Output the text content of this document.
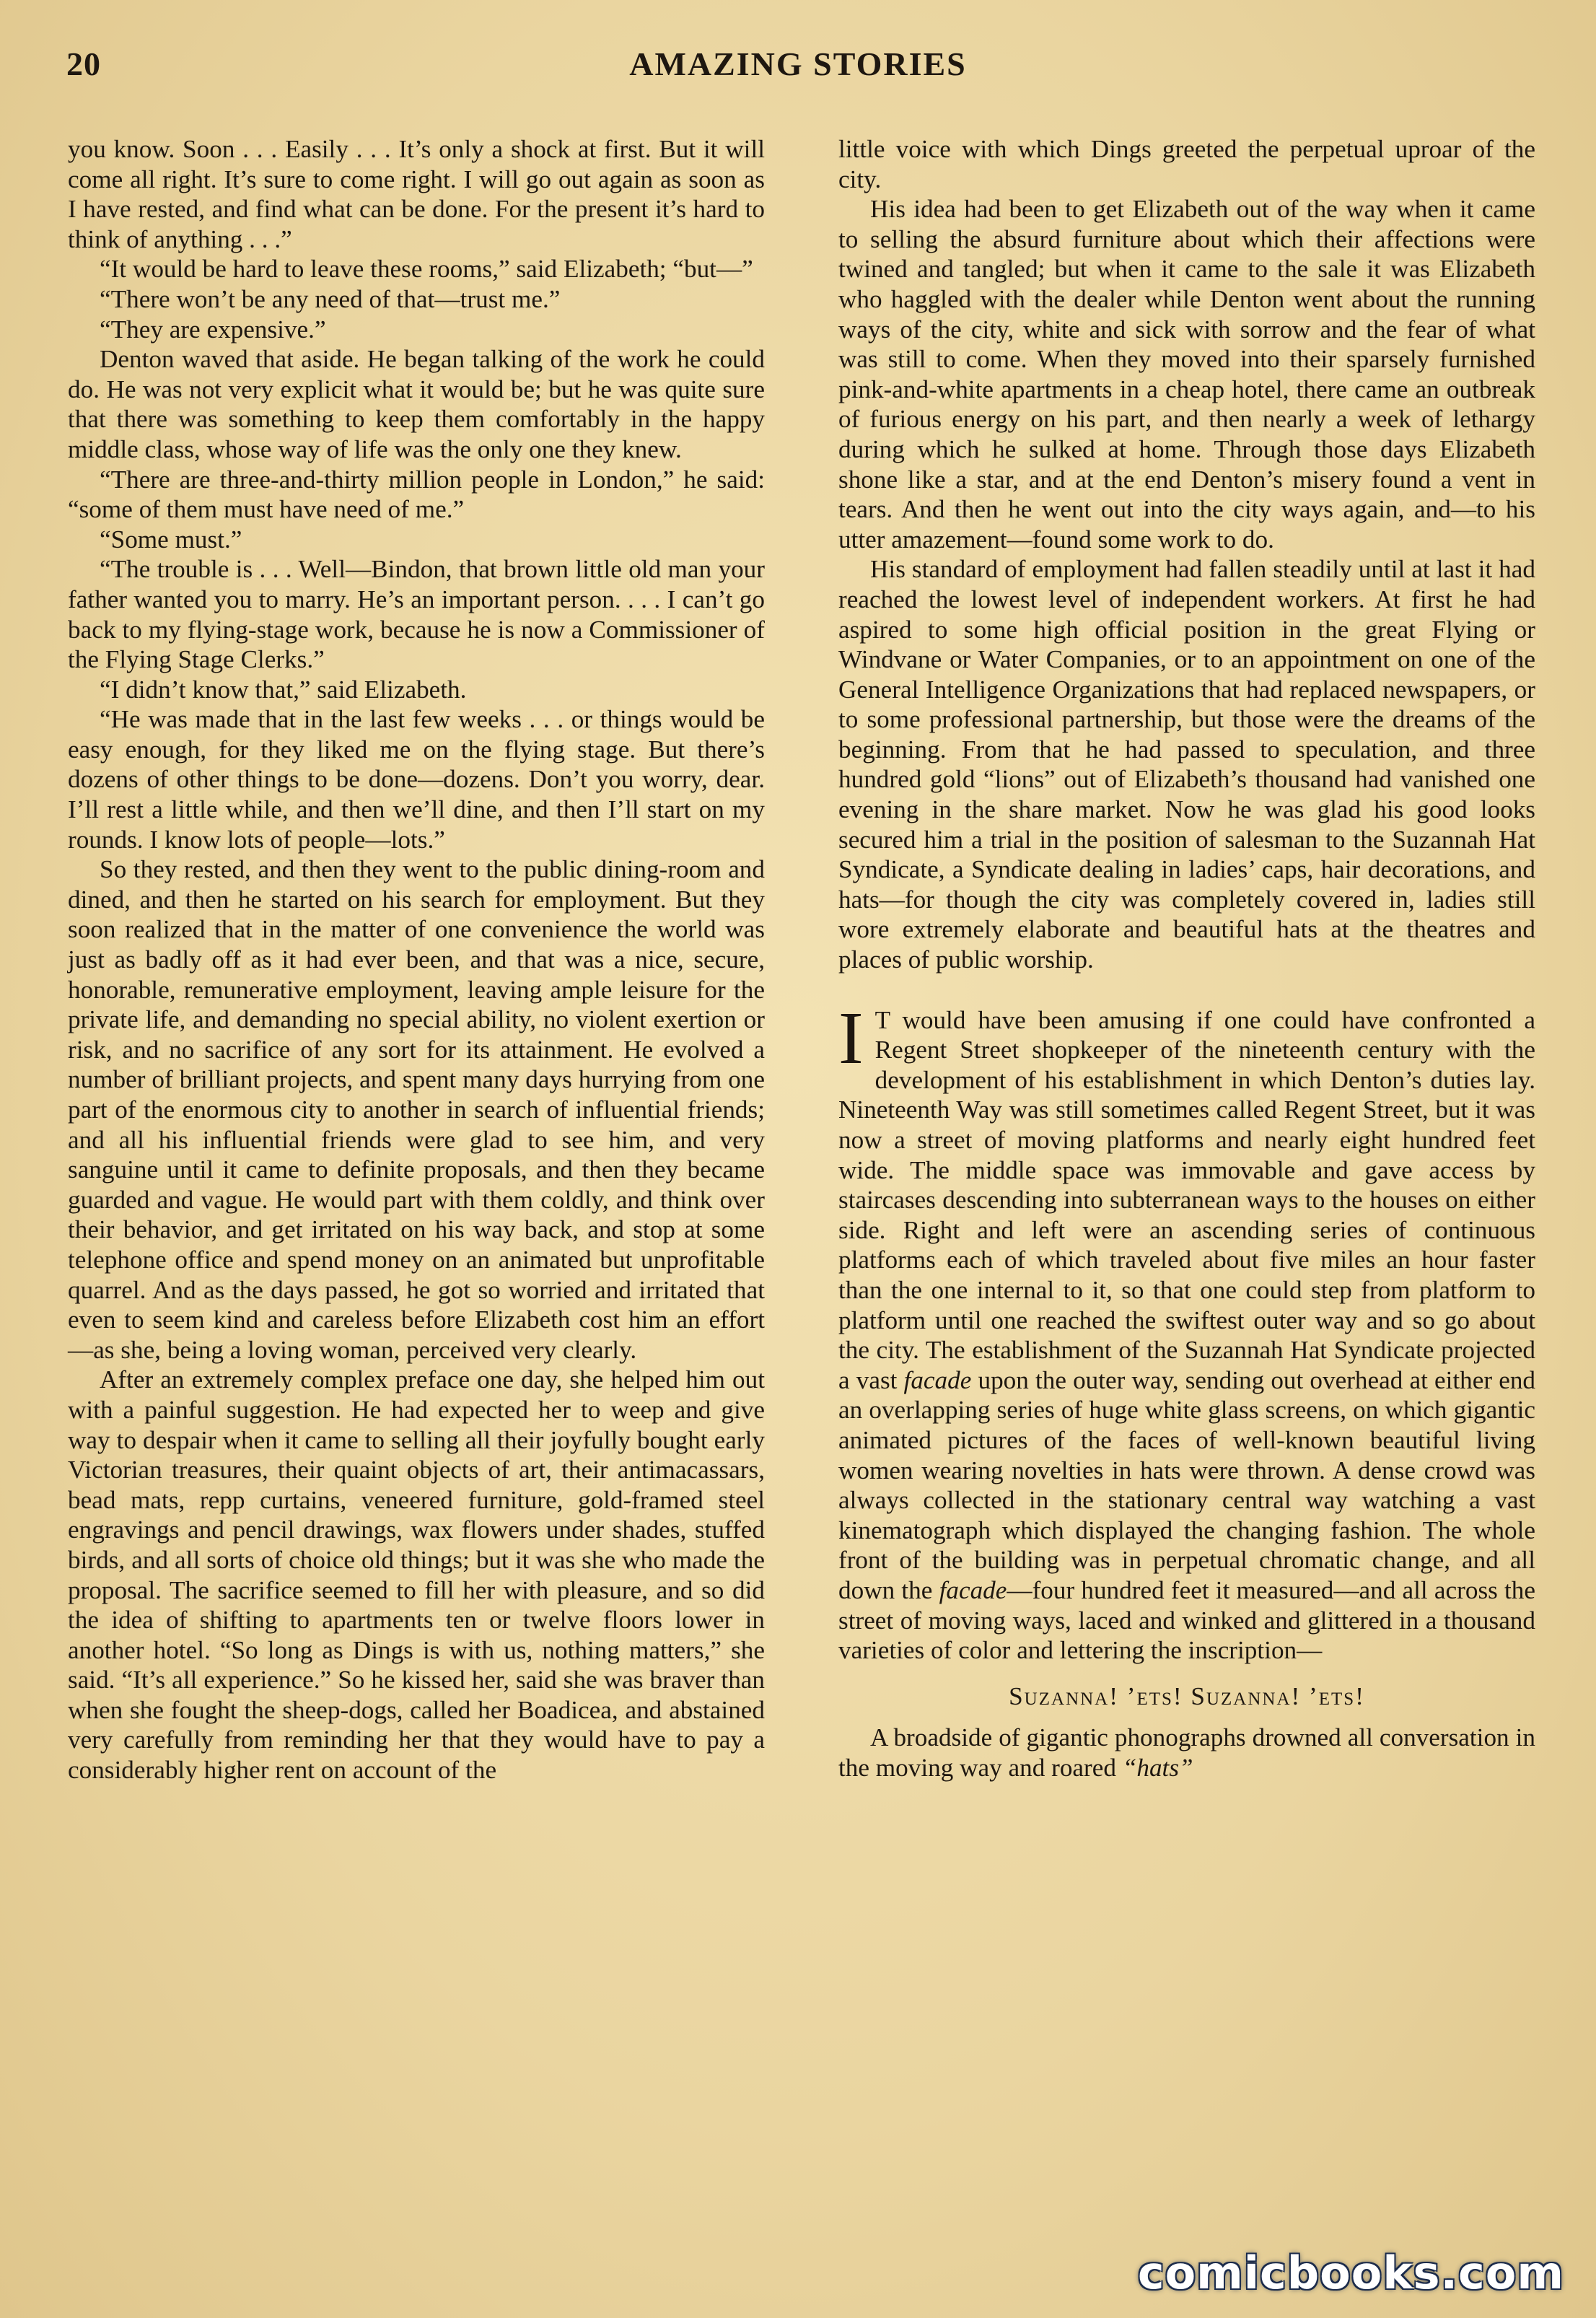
20	AMAZING STORIES

you know. Soon . . . Easily . . . It’s only a shock at first. But it will come all right. It’s sure to come right. I will go out again as soon as I have rested, and find what can be done. For the present it’s hard to think of anything . . .”

“It would be hard to leave these rooms,” said Elizabeth; “but—”

“There won’t be any need of that—trust me.”

“They are expensive.”

Denton waved that aside. He began talking of the work he could do. He was not very explicit what it would be; but he was quite sure that there was something to keep them comfortably in the happy middle class, whose way of life was the only one they knew.

“There are three-and-thirty million people in London,” he said: “some of them must have need of me.”

“Some must.”

“The trouble is . . . Well—Bindon, that brown little old man your father wanted you to marry. He’s an important person. . . . I can’t go back to my flying-stage work, because he is now a Commissioner of the Flying Stage Clerks.”

“I didn’t know that,” said Elizabeth.

“He was made that in the last few weeks . . . or things would be easy enough, for they liked me on the flying stage. But there’s dozens of other things to be done—dozens. Don’t you worry, dear. I’ll rest a little while, and then we’ll dine, and then I’ll start on my rounds. I know lots of people—lots.”

So they rested, and then they went to the public dining-room and dined, and then he started on his search for employment. But they soon realized that in the matter of one convenience the world was just as badly off as it had ever been, and that was a nice, secure, honorable, remunerative employment, leaving ample leisure for the private life, and demanding no special ability, no violent exertion or risk, and no sacrifice of any sort for its attainment. He evolved a number of brilliant projects, and spent many days hurrying from one part of the enormous city to another in search of influential friends; and all his influential friends were glad to see him, and very sanguine until it came to definite proposals, and then they became guarded and vague. He would part with them coldly, and think over their behavior, and get irritated on his way back, and stop at some telephone office and spend money on an animated but unprofitable quarrel. And as the days passed, he got so worried and irritated that even to seem kind and careless before Elizabeth cost him an effort—as she, being a loving woman, perceived very clearly.

After an extremely complex preface one day, she helped him out with a painful suggestion. He had expected her to weep and give way to despair when it came to selling all their joyfully bought early Victorian treasures, their quaint objects of art, their antimacassars, bead mats, repp curtains, veneered furniture, gold-framed steel engravings and pencil drawings, wax flowers under shades, stuffed birds, and all sorts of choice old things; but it was she who made the proposal. The sacrifice seemed to fill her with pleasure, and so did the idea of shifting to apartments ten or twelve floors lower in another hotel. “So long as Dings is with us, nothing matters,” she said. “It’s all experience.” So he kissed her, said she was braver than when she fought the sheep-dogs, called her Boadicea, and abstained very carefully from reminding her that they would have to pay a considerably higher rent on account of the

little voice with which Dings greeted the perpetual uproar of the city.

His idea had been to get Elizabeth out of the way when it came to selling the absurd furniture about which their affections were twined and tangled; but when it came to the sale it was Elizabeth who haggled with the dealer while Denton went about the running ways of the city, white and sick with sorrow and the fear of what was still to come. When they moved into their sparsely furnished pink-and-white apartments in a cheap hotel, there came an outbreak of furious energy on his part, and then nearly a week of lethargy during which he sulked at home. Through those days Elizabeth shone like a star, and at the end Denton’s misery found a vent in tears. And then he went out into the city ways again, and—to his utter amazement—found some work to do.

His standard of employment had fallen steadily until at last it had reached the lowest level of independent workers. At first he had aspired to some high official position in the great Flying or Windvane or Water Companies, or to an appointment on one of the General Intelligence Organizations that had replaced newspapers, or to some professional partnership, but those were the dreams of the beginning. From that he had passed to speculation, and three hundred gold “lions” out of Elizabeth’s thousand had vanished one evening in the share market. Now he was glad his good looks secured him a trial in the position of salesman to the Suzannah Hat Syndicate, a Syndicate dealing in ladies’ caps, hair decorations, and hats—for though the city was completely covered in, ladies still wore extremely elaborate and beautiful hats at the theatres and places of public worship.

I T would have been amusing if one could have confronted a Regent Street shopkeeper of the nineteenth century with the development of his establishment in which Denton’s duties lay. Nineteenth Way was still sometimes called Regent Street, but it was now a street of moving platforms and nearly eight hundred feet wide. The middle space was immovable and gave access by staircases descending into subterranean ways to the houses on either side. Right and left were an ascending series of continuous platforms each of which traveled about five miles an hour faster than the one internal to it, so that one could step from platform to platform until one reached the swiftest outer way and so go about the city. The establishment of the Suzannah Hat Syndicate projected a vast facade upon the outer way, sending out overhead at either end an overlapping series of huge white glass screens, on which gigantic animated pictures of the faces of well-known beautiful living women wearing novelties in hats were thrown. A dense crowd was always collected in the stationary central way watching a vast kinematograph which displayed the changing fashion. The whole front of the building was in perpetual chromatic change, and all down the facade—four hundred feet it measured—and all across the street of moving ways, laced and winked and glittered in a thousand varieties of color and lettering the inscription—

Suzanna! ’ets! Suzanna! ’ets!

A broadside of gigantic phonographs drowned all conversation in the moving way and roared “hats”

comicbooks.com
